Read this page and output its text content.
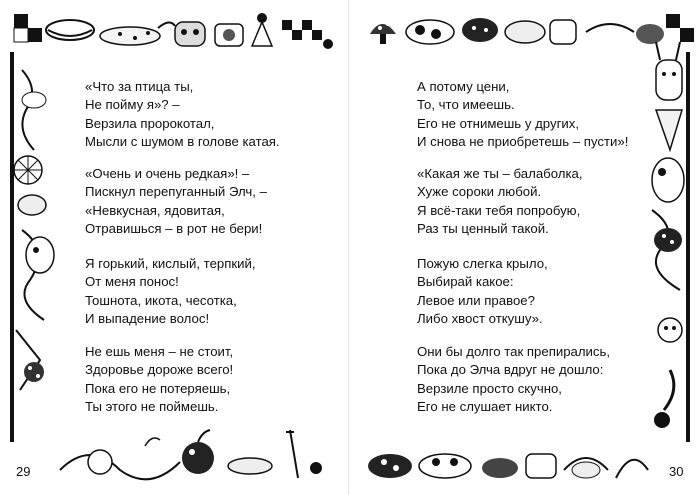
«Что за птица ты,
Не пойму я»? –
Верзила пророкотал,
Мысли с шумом в голове катая.
«Очень и очень редкая»! –
Пискнул перепуганный Элч, –
«Невкусная, ядовитая,
Отравишься – в рот не бери!
Я горький, кислый, терпкий,
От меня понос!
Тошнота, икота, чесотка,
И выпадение волос!
Не ешь меня – не стоит,
Здоровье дороже всего!
Пока его не потеряешь,
Ты этого не поймешь.
29
А потому цени,
То, что имеешь.
Его не отнимешь у других,
И снова не приобретешь – пусти»!
«Какая же ты – балаболка,
Хуже сороки любой.
Я всё-таки тебя попробую,
Раз ты ценный такой.
Пожую слегка крыло,
Выбирай какое:
Левое или правое?
Либо хвост откушу».
Они бы долго так препирались,
Пока до Элча вдруг не дошло:
Верзиле просто скучно,
Его не слушает никто.
30
